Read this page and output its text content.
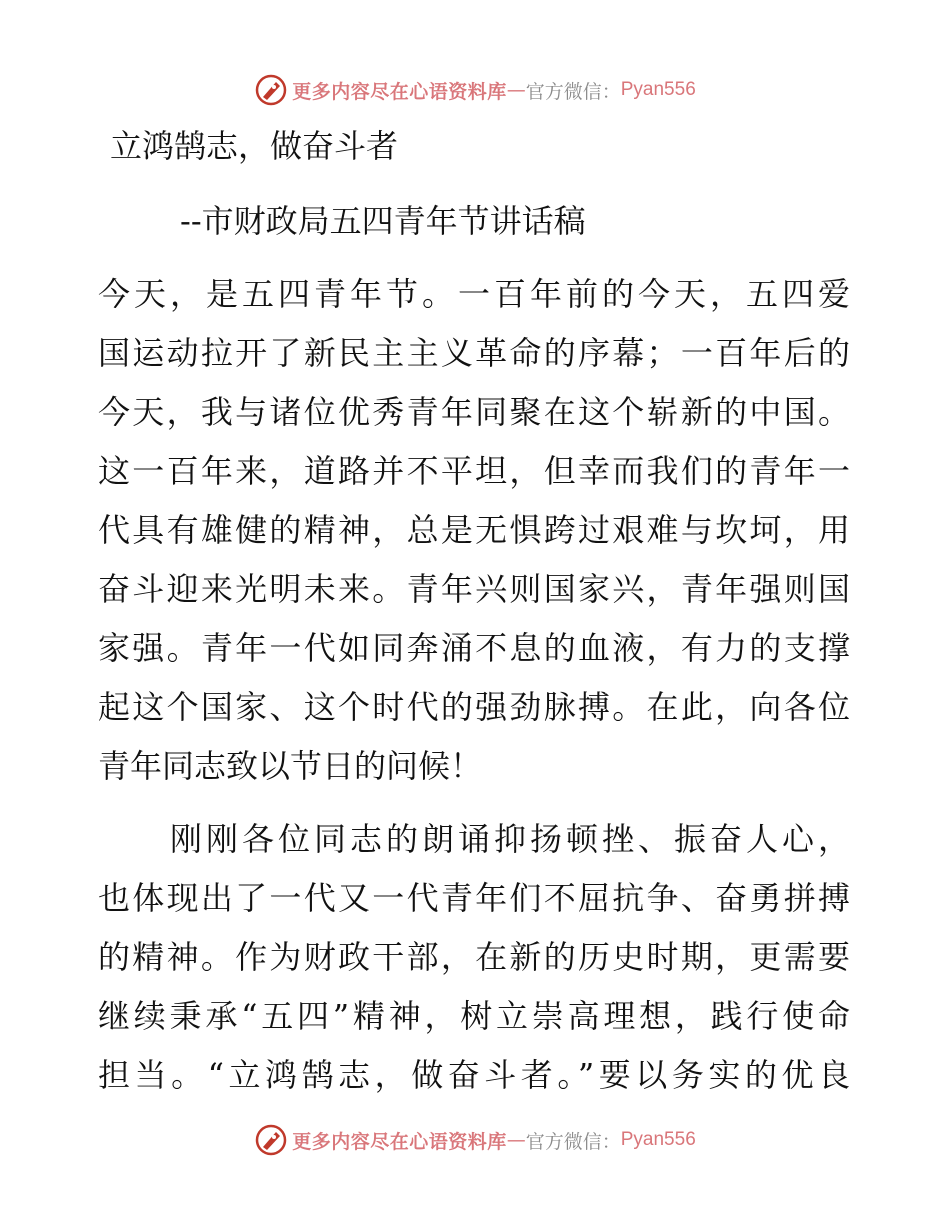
更多内容尽在心语资料库 — 官方微信： Pyan556
立鸿鹄志，做奋斗者
--市财政局五四青年节讲话稿
今天，是五四青年节。一百年前的今天，五四爱
国运动拉开了新民主主义革命的序幕；一百年后的
今天，我与诸位优秀青年同聚在这个崭新的中国。
这一百年来，道路并不平坦，但幸而我们的青年一
代具有雄健的精神，总是无惧跨过艰难与坎坷，用
奋斗迎来光明未来。青年兴则国家兴，青年强则国
家强。青年一代如同奔涌不息的血液，有力的支撑
起这个国家、这个时代的强劲脉搏。在此，向各位
青年同志致以节日的问候！
　　刚刚各位同志的朗诵抑扬顿挫、振奋人心，
也体现出了一代又一代青年们不屈抗争、奋勇拼搏
的精神。作为财政干部，在新的历史时期，更需要
继续秉承“五四”精神，树立崇高理想，践行使命
担当。“立鸿鹄志，做奋斗者。”要以务实的优良
更多内容尽在心语资料库 — 官方微信： Pyan556
